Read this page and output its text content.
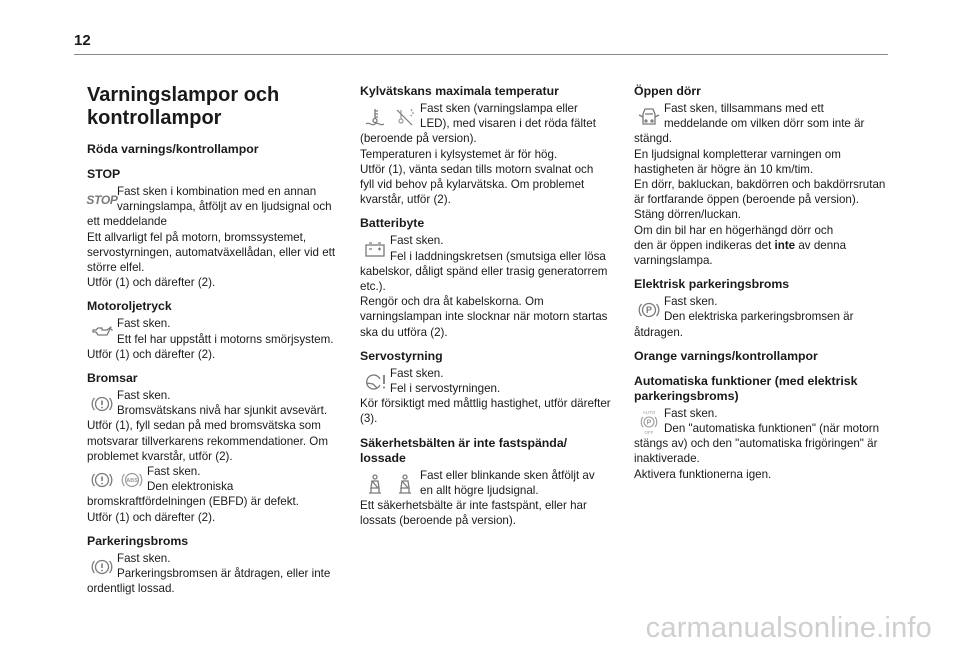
12
Varningslampor och
kontrollampor
Röda varnings/kontrollampor
STOP
STOP
Fast sken i kombination med en annan
varningslampa, åtföljt av en ljudsignal och
ett meddelande
Ett allvarligt fel på motorn, bromssystemet,
servostyrningen, automatväxellådan, eller vid ett
större elfel.
Utför (1) och därefter (2).
Motoroljetryck
Fast sken.
Ett fel har uppstått i motorns smörjsystem.
Utför (1) och därefter (2).
Bromsar
Fast sken.
Bromsvätskans nivå har sjunkit avsevärt.
Utför (1), fyll sedan på med bromsvätska som
motsvarar tillverkarens rekommendationer. Om
problemet kvarstår, utför (2).
ABS
Fast sken.
Den elektroniska
bromskraftfördelningen (EBFD) är defekt.
Utför (1) och därefter (2).
Parkeringsbroms
Fast sken.
Parkeringsbromsen är åtdragen, eller inte
ordentligt lossad.
Kylvätskans maximala temperatur
Fast sken (varningslampa eller
LED), med visaren i det röda fältet
(beroende på version).
Temperaturen i kylsystemet är för hög.
Utför (1), vänta sedan tills motorn svalnat och
fyll vid behov på kylarvätska. Om problemet
kvarstår, utför (2).
Batteribyte
Fast sken.
Fel i laddningskretsen (smutsiga eller lösa
kabelskor, dåligt spänd eller trasig generatorrem
etc.).
Rengör och dra åt kabelskorna. Om
varningslampan inte slocknar när motorn startas
ska du utföra (2).
Servostyrning
Fast sken.
Fel i servostyrningen.
Kör försiktigt med måttlig hastighet, utför därefter
(3).
Säkerhetsbälten är inte fastspända/
lossade
Fast eller blinkande sken åtföljt av
en allt högre ljudsignal.
Ett säkerhetsbälte är inte fastspänt, eller har
lossats (beroende på version).
Öppen dörr
Fast sken, tillsammans med ett
meddelande om vilken dörr som inte är
stängd.
En ljudsignal kompletterar varningen om
hastigheten är högre än 10 km/tim.
En dörr, bakluckan, bakdörren och bakdörrsrutan
är fortfarande öppen (beroende på version).
Stäng dörren/luckan.
Om din bil har en högerhängd dörr och
den är öppen indikeras det inte av denna
varningslampa.
Elektrisk parkeringsbroms
P
Fast sken.
Den elektriska parkeringsbromsen är
åtdragen.
Orange varnings/kontrollampor
Automatiska funktioner (med elektrisk
parkeringsbroms)
AUTO
P
OFF
Fast sken.
Den "automatiska funktionen" (när motorn
stängs av) och den "automatiska frigöringen" är
inaktiverade.
Aktivera funktionerna igen.
carmanualsonline.info
